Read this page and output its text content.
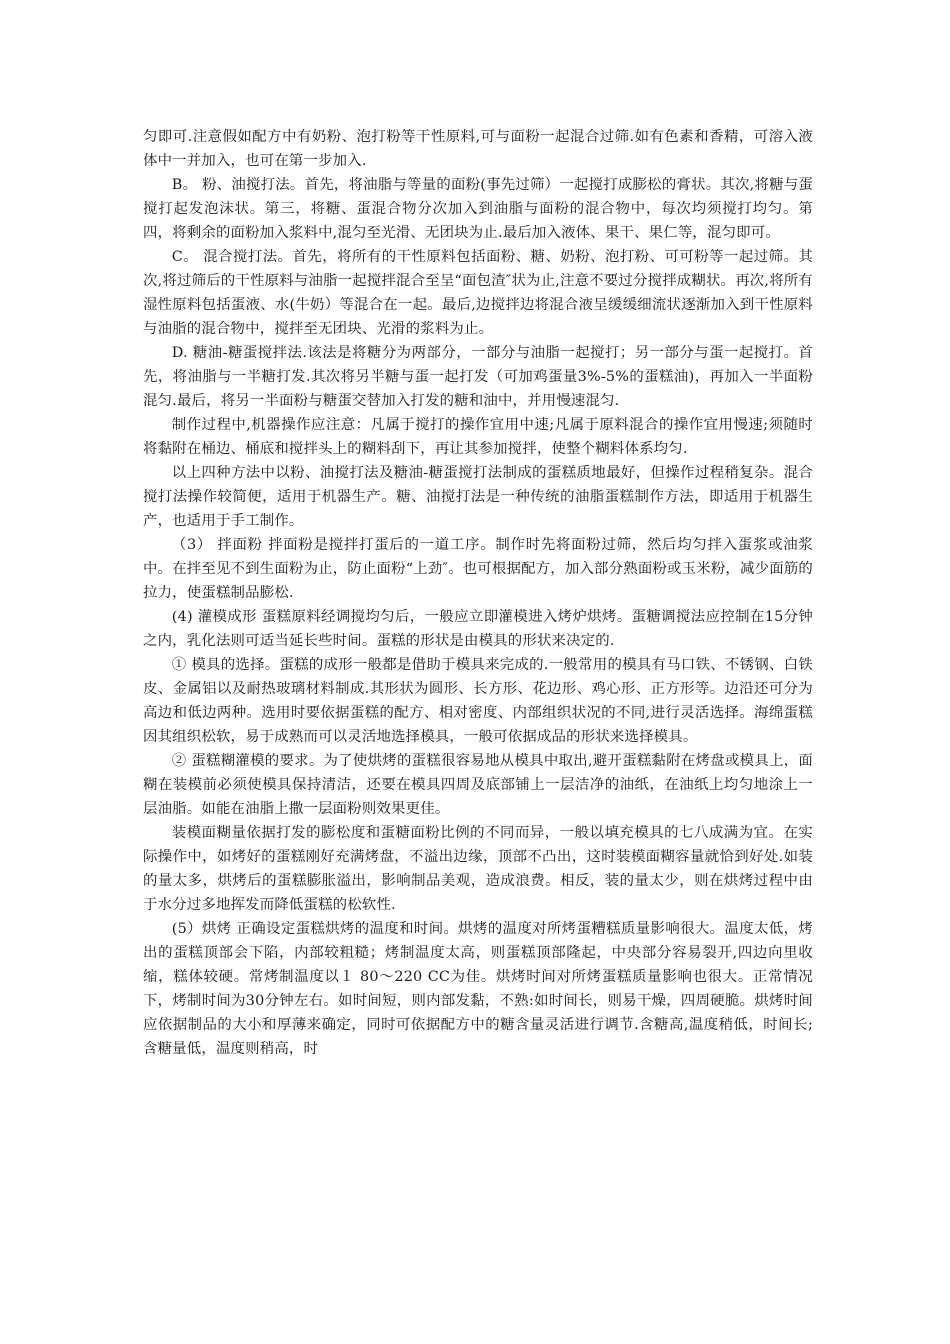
匀即可.注意假如配方中有奶粉、泡打粉等干性原料,可与面粉一起混合过筛.如有色素和香精，可溶入液体中一并加入，也可在第一步加入.

B。 粉、油搅打法。首先，将油脂与等量的面粉(事先过筛）一起搅打成膨松的膏状。其次,将糖与蛋搅打起发泡沫状。第三，将糖、蛋混合物分次加入到油脂与面粉的混合物中，每次均须搅打均匀。第四，将剩余的面粉加入浆料中,混匀至光滑、无团块为止.最后加入液体、果干、果仁等，混匀即可。

C。 混合搅打法。首先，将所有的干性原料包括面粉、糖、奶粉、泡打粉、可可粉等一起过筛。其次,将过筛后的干性原料与油脂一起搅拌混合至呈“面包渣″状为止,注意不要过分搅拌成糊状。再次,将所有湿性原料包括蛋液、水(牛奶）等混合在一起。最后,边搅拌边将混合液呈缓缓细流状逐渐加入到干性原料与油脂的混合物中，搅拌至无团块、光滑的浆料为止。

D. 糖油-糖蛋搅拌法.该法是将糖分为两部分，一部分与油脂一起搅打；另一部分与蛋一起搅打。首先，将油脂与一半糖打发.其次将另半糖与蛋一起打发（可加鸡蛋量3%-5%的蛋糕油)，再加入一半面粉混匀.最后，将另一半面粉与糖蛋交替加入打发的糖和油中，并用慢速混匀.

制作过程中,机器操作应注意：凡属于搅打的操作宜用中速;凡属于原料混合的操作宜用慢速;须随时将黏附在桶边、桶底和搅拌头上的糊料刮下，再让其参加搅拌，使整个糊料体系均匀.

以上四种方法中以粉、油搅打法及糖油-糖蛋搅打法制成的蛋糕质地最好，但操作过程稍复杂。混合搅打法操作较简便，适用于机器生产。糖、油搅打法是一种传统的油脂蛋糕制作方法，即适用于机器生产，也适用于手工制作。

（3） 拌面粉 拌面粉是搅拌打蛋后的一道工序。制作时先将面粉过筛，然后均匀拌入蛋浆或油浆中。在拌至见不到生面粉为止，防止面粉“上劲″。也可根据配方，加入部分熟面粉或玉米粉，减少面筋的拉力，使蛋糕制品膨松.

(4) 灌模成形 蛋糕原料经调搅均匀后，一般应立即灌模进入烤炉烘烤。蛋糖调搅法应控制在15分钟之内，乳化法则可适当延长些时间。蛋糕的形状是由模具的形状来决定的.

① 模具的选择。蛋糕的成形一般都是借助于模具来完成的.一般常用的模具有马口铁、不锈钢、白铁皮、金属铝以及耐热玻璃材料制成.其形状为圆形、长方形、花边形、鸡心形、正方形等。边沿还可分为高边和低边两种。选用时要依据蛋糕的配方、相对密度、内部组织状况的不同,进行灵活选择。海绵蛋糕因其组织松软，易于成熟而可以灵活地选择模具，一般可依据成品的形状来选择模具。

② 蛋糕糊灌模的要求。为了使烘烤的蛋糕很容易地从模具中取出,避开蛋糕黏附在烤盘或模具上，面糊在装模前必须使模具保持清洁，还要在模具四周及底部铺上一层洁净的油纸，在油纸上均匀地涂上一层油脂。如能在油脂上撒一层面粉则效果更佳。

装模面糊量依据打发的膨松度和蛋糖面粉比例的不同而异，一般以填充模具的七八成满为宜。在实际操作中，如烤好的蛋糕刚好充满烤盘，不溢出边缘，顶部不凸出，这时装模面糊容量就恰到好处.如装的量太多，烘烤后的蛋糕膨胀溢出，影响制品美观，造成浪费。相反，装的量太少，则在烘烤过程中由于水分过多地挥发而降低蛋糕的松软性.

(5）烘烤 正确设定蛋糕烘烤的温度和时间。烘烤的温度对所烤蛋糟糕质量影响很大。温度太低，烤出的蛋糕顶部会下陷，内部较粗糙；烤制温度太高，则蛋糕顶部隆起，中央部分容易裂开,四边向里收缩，糕体较硬。常烤制温度以１ 80～220 CC为佳。烘烤时间对所烤蛋糕质量影响也很大。正常情况下，烤制时间为30分钟左右。如时间短，则内部发黏，不熟:如时间长，则易干燥，四周硬脆。烘烤时间应依据制品的大小和厚薄来确定，同时可依据配方中的糖含量灵活进行调节.含糖高,温度稍低，时间长;含糖量低，温度则稍高，时
